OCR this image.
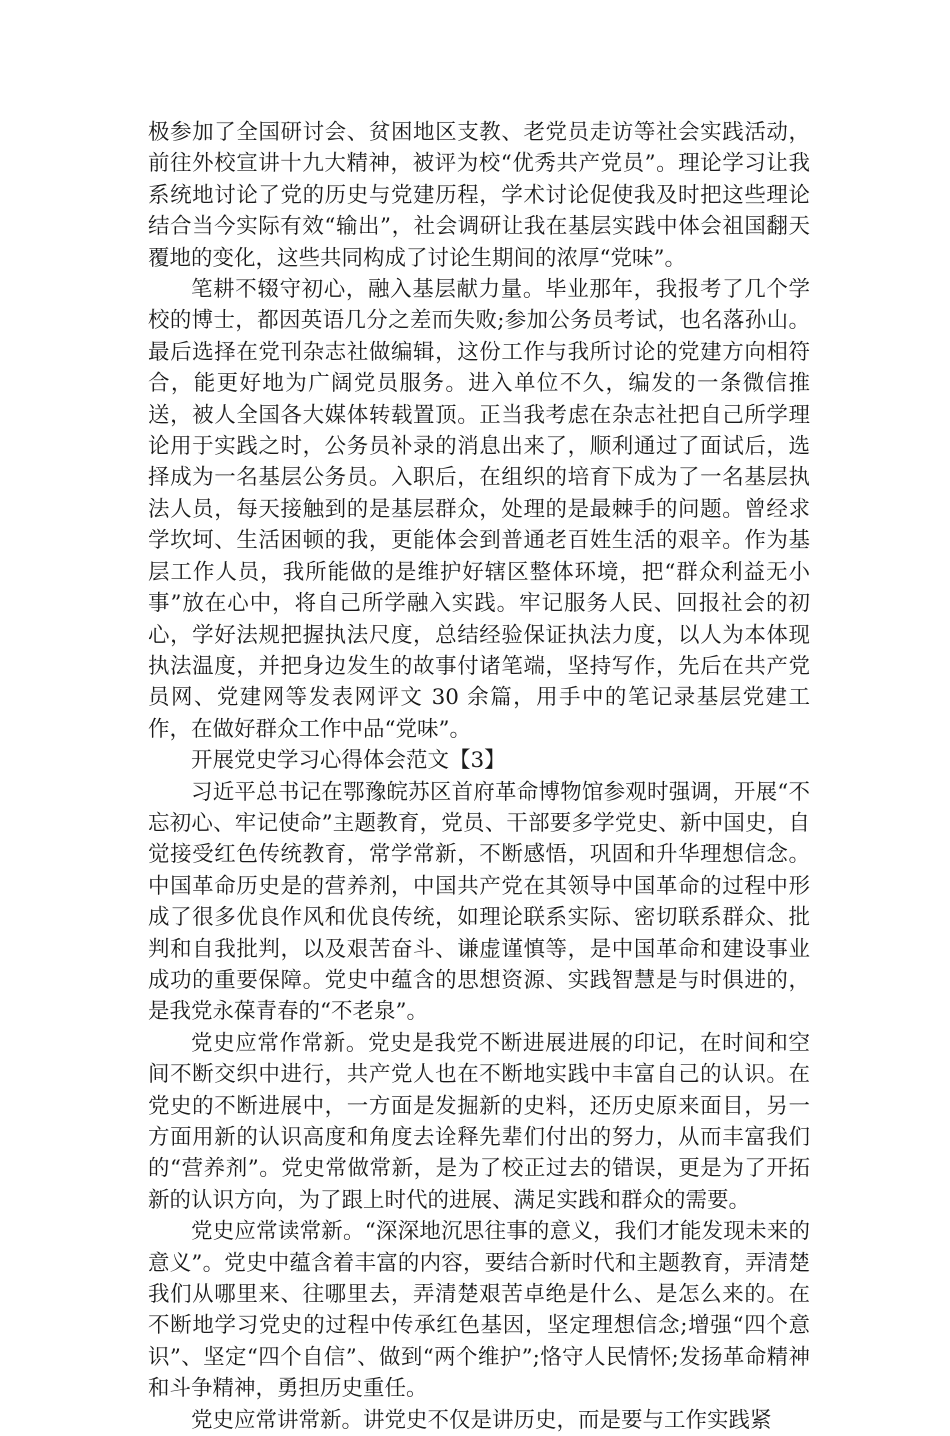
极参加了全国研讨会、贫困地区支教、老党员走访等社会实践活动，前往外校宣讲十九大精神，被评为校“优秀共产党员”。理论学习让我系统地讨论了党的历史与党建历程，学术讨论促使我及时把这些理论结合当今实际有效“输出”，社会调研让我在基层实践中体会祖国翻天覆地的变化，这些共同构成了讨论生期间的浓厚“党味”。

笔耕不辍守初心，融入基层献力量。毕业那年，我报考了几个学校的博士，都因英语几分之差而失败;参加公务员考试，也名落孙山。最后选择在党刊杂志社做编辑，这份工作与我所讨论的党建方向相符合，能更好地为广阔党员服务。进入单位不久，编发的一条微信推送，被人全国各大媒体转载置顶。正当我考虑在杂志社把自己所学理论用于实践之时，公务员补录的消息出来了，顺利通过了面试后，选择成为一名基层公务员。入职后，在组织的培育下成为了一名基层执法人员，每天接触到的是基层群众，处理的是最棘手的问题。曾经求学坎坷、生活困顿的我，更能体会到普通老百姓生活的艰辛。作为基层工作人员，我所能做的是维护好辖区整体环境，把“群众利益无小事”放在心中，将自己所学融入实践。牢记服务人民、回报社会的初心，学好法规把握执法尺度，总结经验保证执法力度，以人为本体现执法温度，并把身边发生的故事付诸笔端，坚持写作，先后在共产党员网、党建网等发表网评文 30 余篇，用手中的笔记录基层党建工作，在做好群众工作中品“党味”。

开展党史学习心得体会范文【3】

习近平总书记在鄂豫皖苏区首府革命博物馆参观时强调，开展“不忘初心、牢记使命”主题教育，党员、干部要多学党史、新中国史，自觉接受红色传统教育，常学常新，不断感悟，巩固和升华理想信念。中国革命历史是的营养剂，中国共产党在其领导中国革命的过程中形成了很多优良作风和优良传统，如理论联系实际、密切联系群众、批判和自我批判，以及艰苦奋斗、谦虚谨慎等，是中国革命和建设事业成功的重要保障。党史中蕴含的思想资源、实践智慧是与时俱进的，是我党永葆青春的“不老泉”。

党史应常作常新。党史是我党不断进展进展的印记，在时间和空间不断交织中进行，共产党人也在不断地实践中丰富自己的认识。在党史的不断进展中，一方面是发掘新的史料，还历史原来面目，另一方面用新的认识高度和角度去诠释先辈们付出的努力，从而丰富我们的“营养剂”。党史常做常新，是为了校正过去的错误，更是为了开拓新的认识方向，为了跟上时代的进展、满足实践和群众的需要。

党史应常读常新。“深深地沉思往事的意义，我们才能发现未来的意义”。党史中蕴含着丰富的内容，要结合新时代和主题教育，弄清楚我们从哪里来、往哪里去，弄清楚艰苦卓绝是什么、是怎么来的。在不断地学习党史的过程中传承红色基因，坚定理想信念;增强“四个意识”、坚定“四个自信”、做到“两个维护”;恪守人民情怀;发扬革命精神和斗争精神，勇担历史重任。

党史应常讲常新。讲党史不仅是讲历史，而是要与工作实践紧
